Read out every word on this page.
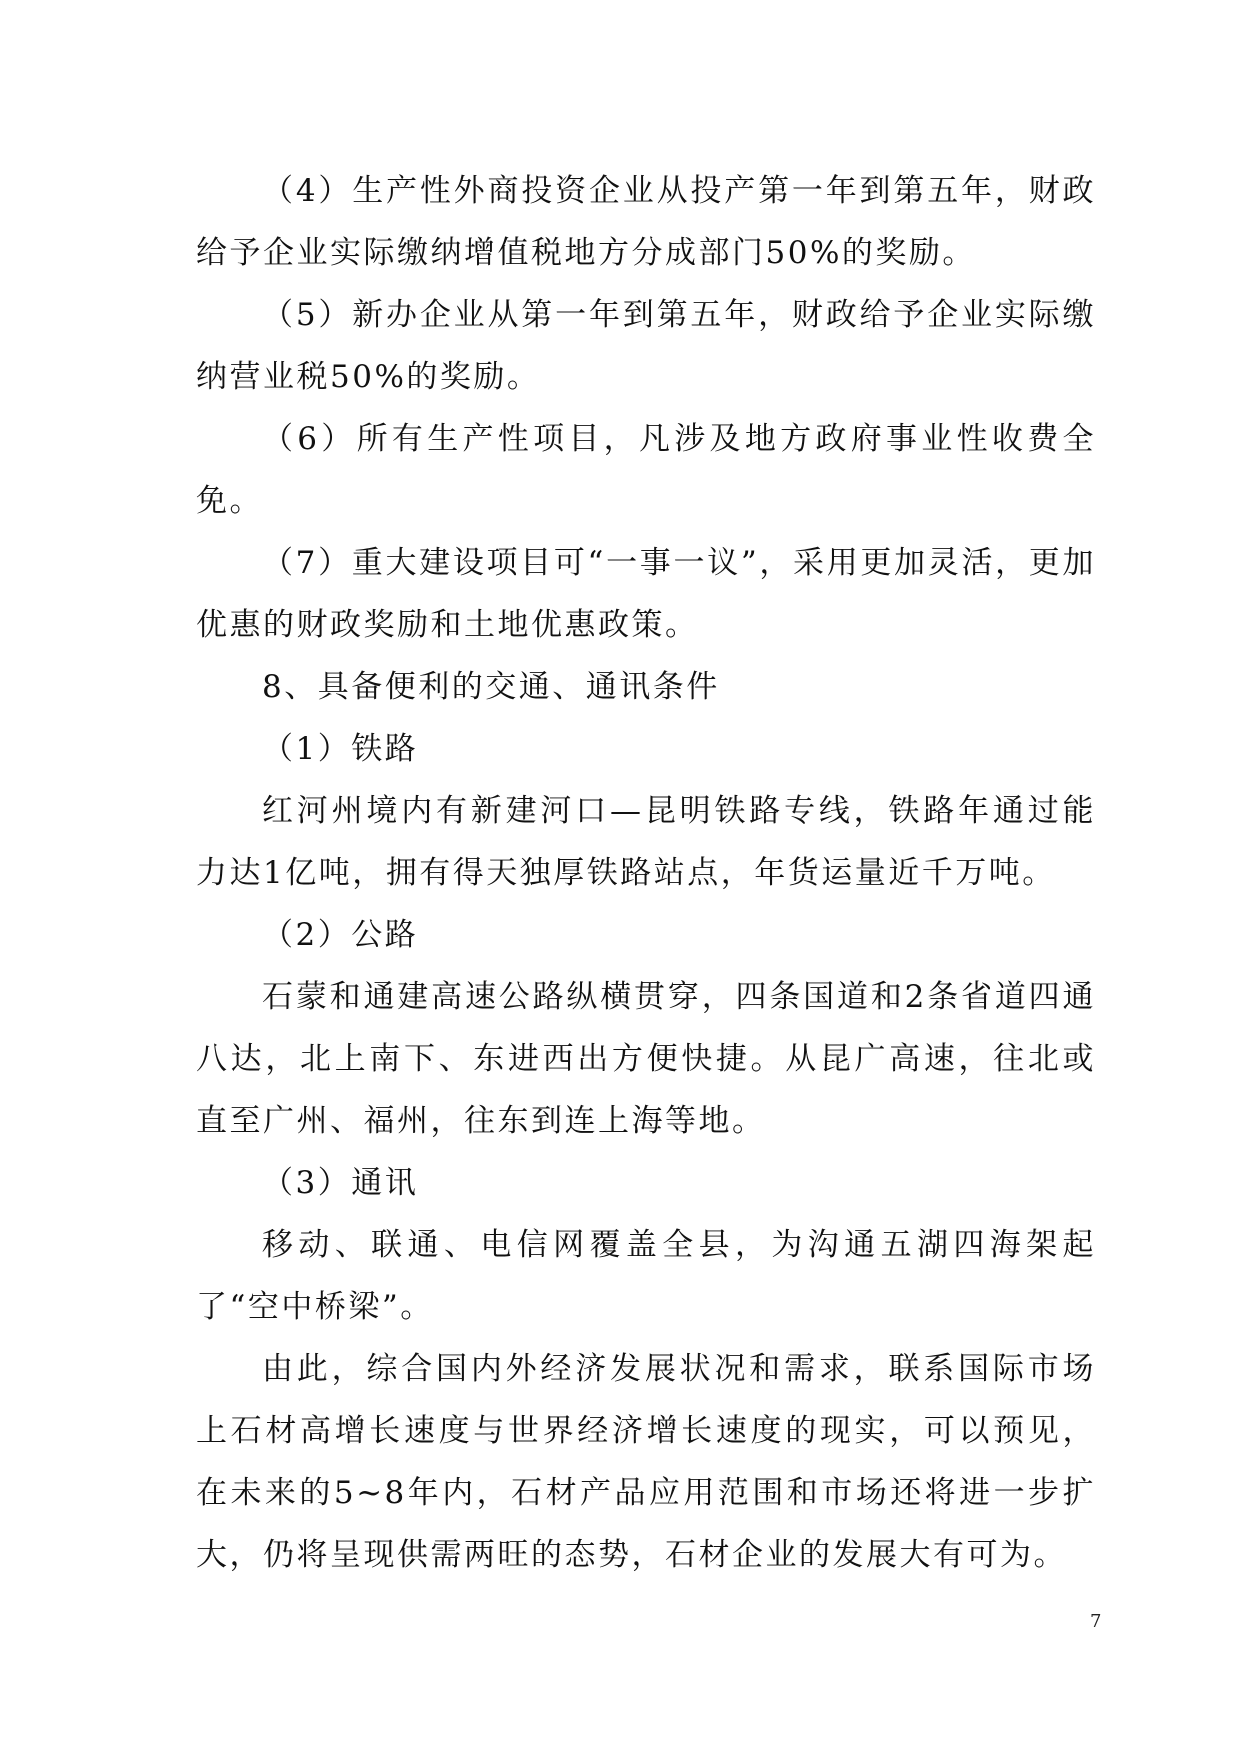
（4）生产性外商投资企业从投产第一年到第五年，财政给予企业实际缴纳增值税地方分成部门50%的奖励。

（5）新办企业从第一年到第五年，财政给予企业实际缴纳营业税50%的奖励。

（6）所有生产性项目，凡涉及地方政府事业性收费全免。

（7）重大建设项目可“一事一议”，采用更加灵活，更加优惠的财政奖励和土地优惠政策。

8、具备便利的交通、通讯条件

（1）铁路

红河州境内有新建河口—昆明铁路专线，铁路年通过能力达1亿吨，拥有得天独厚铁路站点，年货运量近千万吨。

（2）公路

石蒙和通建高速公路纵横贯穿，四条国道和2条省道四通八达，北上南下、东进西出方便快捷。从昆广高速，往北或直至广州、福州，往东到连上海等地。

（3）通讯

移动、联通、电信网覆盖全县，为沟通五湖四海架起了“空中桥梁”。

由此，综合国内外经济发展状况和需求，联系国际市场上石材高增长速度与世界经济增长速度的现实，可以预见，在未来的5~8年内，石材产品应用范围和市场还将进一步扩大，仍将呈现供需两旺的态势，石材企业的发展大有可为。

7
